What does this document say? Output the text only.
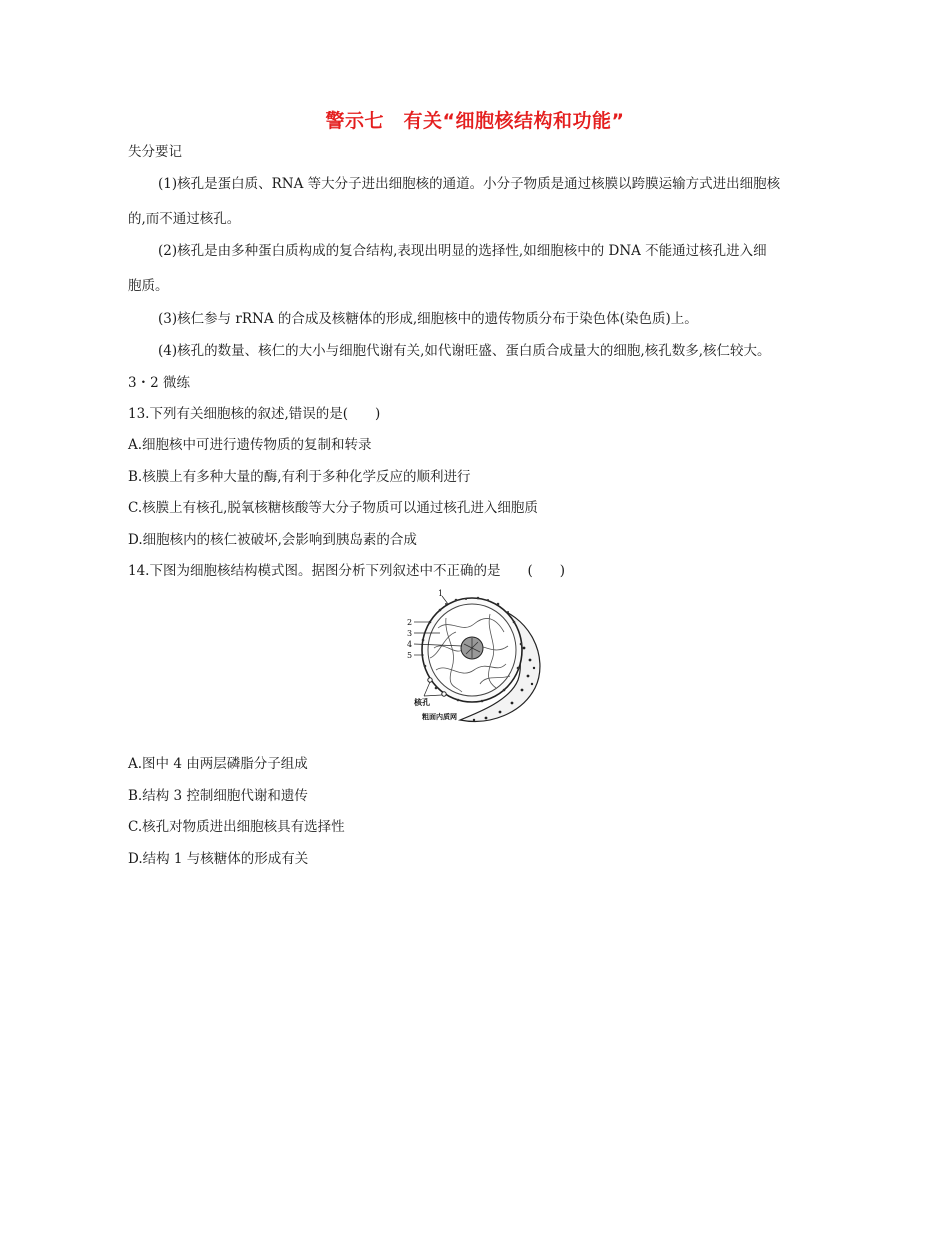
警示七　有关“细胞核结构和功能”
失分要记
(1)核孔是蛋白质、RNA 等大分子进出细胞核的通道。小分子物质是通过核膜以跨膜运输方式进出细胞核
的,而不通过核孔。
(2)核孔是由多种蛋白质构成的复合结构,表现出明显的选择性,如细胞核中的 DNA 不能通过核孔进入细
胞质。
(3)核仁参与 rRNA 的合成及核糖体的形成,细胞核中的遗传物质分布于染色体(染色质)上。
(4)核孔的数量、核仁的大小与细胞代谢有关,如代谢旺盛、蛋白质合成量大的细胞,核孔数多,核仁较大。
3・2 微练
13.下列有关细胞核的叙述,错误的是(　　)
A.细胞核中可进行遗传物质的复制和转录
B.核膜上有多种大量的酶,有利于多种化学反应的顺利进行
C.核膜上有核孔,脱氧核糖核酸等大分子物质可以通过核孔进入细胞质
D.细胞核内的核仁被破坏,会影响到胰岛素的合成
14.下图为细胞核结构模式图。据图分析下列叙述中不正确的是　　(　　)
1
2
3
4
5
核孔
粗面内质网
A.图中 4 由两层磷脂分子组成
B.结构 3 控制细胞代谢和遗传
C.核孔对物质进出细胞核具有选择性
D.结构 1 与核糖体的形成有关
